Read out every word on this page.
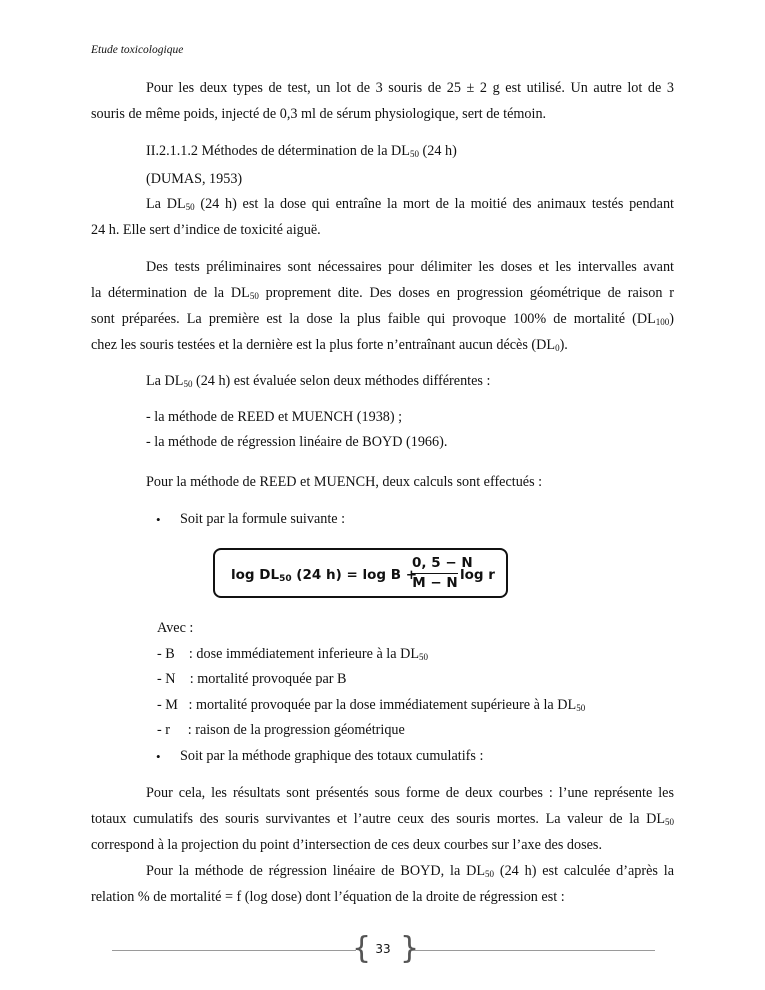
Etude toxicologique
Pour les deux types de test, un lot de 3 souris de 25 ± 2 g est utilisé. Un autre lot de 3
souris de même poids, injecté de 0,3 ml de sérum physiologique, sert de témoin.
II.2.1.1.2 Méthodes de détermination de la $DL_{50}$ (24 h)
(DUMAS, 1953)
La $DL_{50}$ (24 h) est la dose qui entraîne la mort de la moitié des animaux testés pendant
24 h. Elle sert d’indice de toxicité aiguë.
Des tests préliminaires sont nécessaires pour délimiter les doses et les intervalles avant
la détermination de la $DL_{50}$ proprement dite. Des doses en progression géométrique de raison r
sont préparées. La première est la dose la plus faible qui provoque 100% de mortalité $(DL_{100})$
chez les souris testées et la dernière est la plus forte n’entraînant aucun décès $(DL_0)$.
La $DL_{50}$ (24 h) est évaluée selon deux méthodes différentes :
- la méthode de REED et MUENCH (1938) ;
- la méthode de régression linéaire de BOYD (1966).
Pour la méthode de REED et MUENCH, deux calculs sont effectués :
• Soit par la formule suivante :
$\log DL_{50}$ (24 h) = log B +
0, 5 − N
M − N log r
Avec :
- B    : dose immédiatement inferieure à la $DL_{50}$
- N    : mortalité provoquée par B
- M   : mortalité provoquée par la dose immédiatement supérieure à la $DL_{50}$
- r     : raison de la progression géométrique
• Soit par la méthode graphique des totaux cumulatifs :
Pour cela, les résultats sont présentés sous forme de deux courbes : l’une représente les
totaux cumulatifs des souris survivantes et l’autre ceux des souris mortes. La valeur de la $DL_{50}$
correspond à la projection du point d’intersection de ces deux courbes sur l’axe des doses.
Pour la méthode de régression linéaire de BOYD, la $DL_{50}$ (24 h) est calculée d’après la
relation % de mortalité = f (log dose) dont l’équation de la droite de régression est :
{ }
33
